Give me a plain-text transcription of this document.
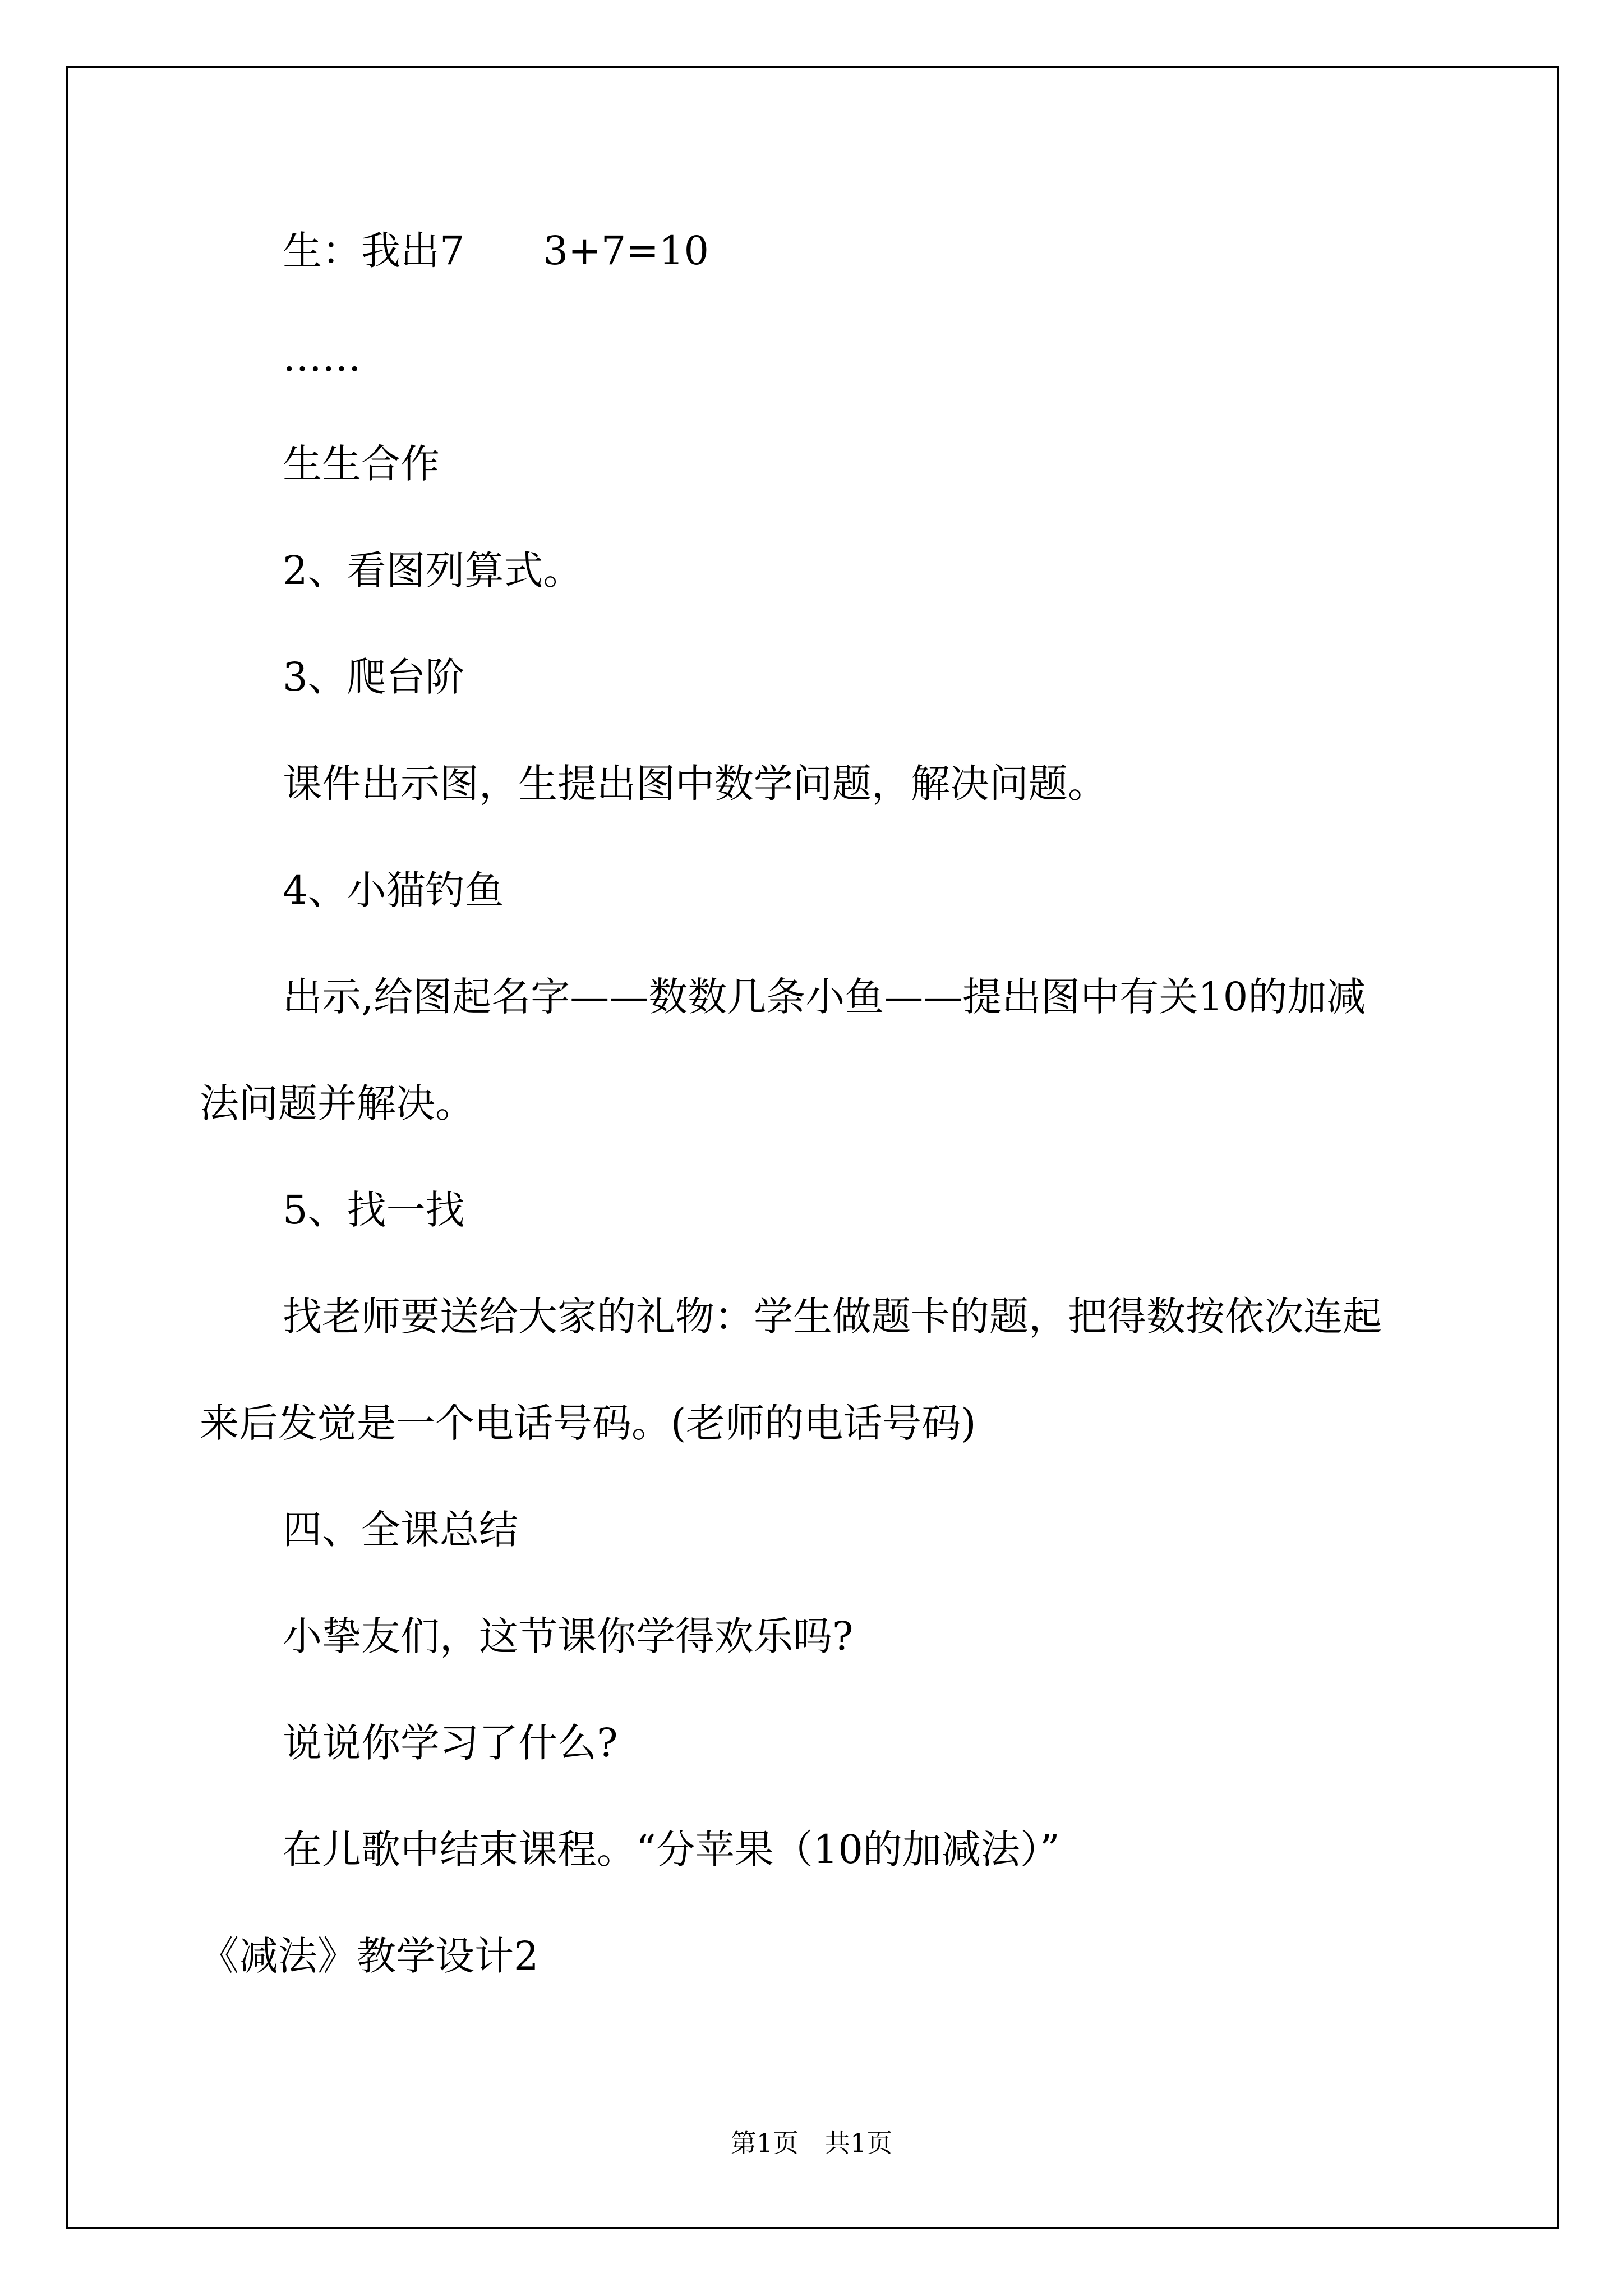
生：我出7　　3+7=10
……
生生合作
2、看图列算式。
3、爬台阶
课件出示图，生提出图中数学问题，解决问题。
4、小猫钓鱼
出示,给图起名字——数数几条小鱼——提出图中有关10的加减
法问题并解决。
5、找一找
找老师要送给大家的礼物：学生做题卡的题，把得数按依次连起
来后发觉是一个电话号码。(老师的电话号码)
四、全课总结
小挚友们，这节课你学得欢乐吗?
说说你学习了什么?
在儿歌中结束课程。“分苹果（10的加减法）”
《减法》教学设计2
第1页　共1页
